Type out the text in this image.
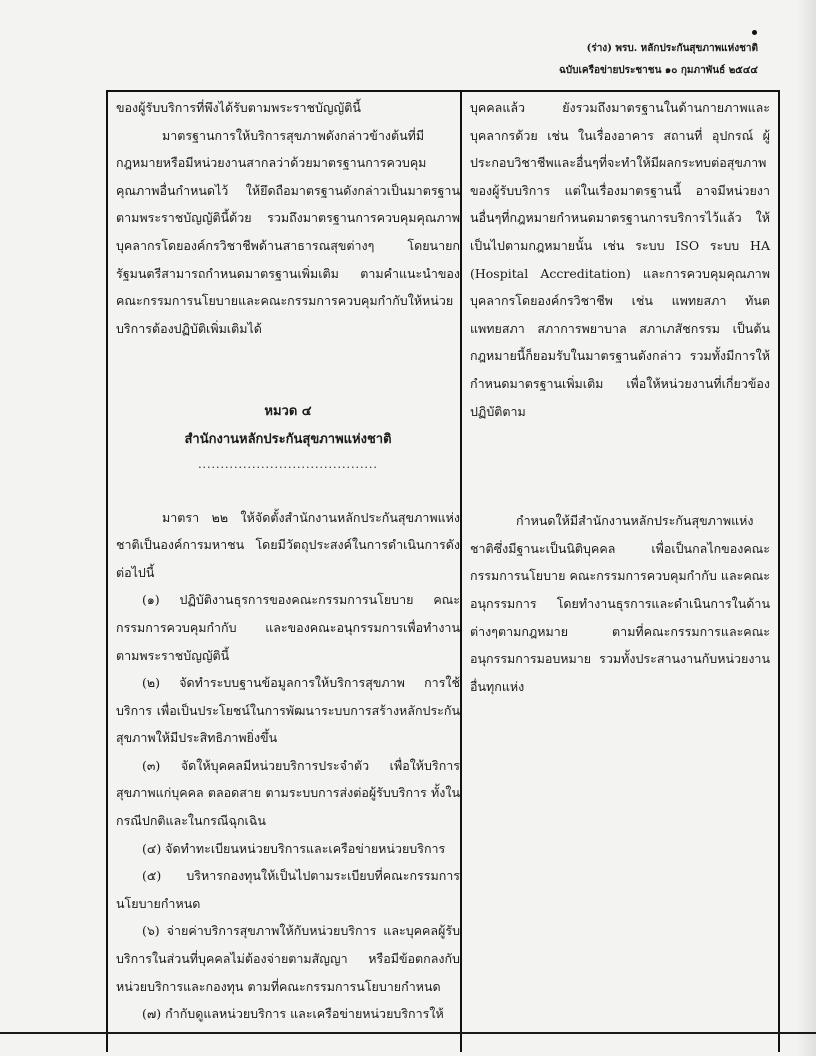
(ร่าง) พรบ. หลักประกันสุขภาพแห่งชาติ
ฉบับเครือข่ายประชาชน ๑๐ กุมภาพันธ์ ๒๕๔๔

ของผู้รับบริการที่พึงได้รับตามพระราชบัญญัตินี้

มาตรฐานการให้บริการสุขภาพดังกล่าวข้างต้นที่มีกฎหมายหรือมีหน่วยงานสากลว่าด้วยมาตรฐานการควบคุมคุณภาพอื่นกำหนดไว้ ให้ยึดถือมาตรฐานดังกล่าวเป็นมาตรฐานตามพระราชบัญญัตินี้ด้วย รวมถึงมาตรฐานการควบคุมคุณภาพบุคลากรโดยองค์กรวิชาชีพด้านสาธารณสุขต่างๆ โดยนายกรัฐมนตรีสามารถกำหนดมาตรฐานเพิ่มเติม ตามคำแนะนำของคณะกรรมการนโยบายและคณะกรรมการควบคุมกำกับให้หน่วยบริการต้องปฏิบัติเพิ่มเติมได้

หมวด ๔

สำนักงานหลักประกันสุขภาพแห่งชาติ

........................................

มาตรา ๒๒ ให้จัดตั้งสำนักงานหลักประกันสุขภาพแห่งชาติเป็นองค์การมหาชน โดยมีวัตถุประสงค์ในการดำเนินการดังต่อไปนี้

(๑) ปฏิบัติงานธุรการของคณะกรรมการนโยบาย คณะกรรมการควบคุมกำกับ และของคณะอนุกรรมการเพื่อทำงานตามพระราชบัญญัตินี้

(๒) จัดทำระบบฐานข้อมูลการให้บริการสุขภาพ การใช้บริการ เพื่อเป็นประโยชน์ในการพัฒนาระบบการสร้างหลักประกันสุขภาพให้มีประสิทธิภาพยิ่งขึ้น

(๓) จัดให้บุคคลมีหน่วยบริการประจำตัว เพื่อให้บริการสุขภาพแก่บุคคล ตลอดสาย ตามระบบการส่งต่อผู้รับบริการ ทั้งในกรณีปกติและในกรณีฉุกเฉิน

(๔) จัดทำทะเบียนหน่วยบริการและเครือข่ายหน่วยบริการ

(๕) บริหารกองทุนให้เป็นไปตามระเบียบที่คณะกรรมการนโยบายกำหนด

(๖) จ่ายค่าบริการสุขภาพให้กับหน่วยบริการ และบุคคลผู้รับบริการในส่วนที่บุคคลไม่ต้องจ่ายตามสัญญา หรือมีข้อตกลงกับหน่วยบริการและกองทุน ตามที่คณะกรรมการนโยบายกำหนด

(๗) กำกับดูแลหน่วยบริการ และเครือข่ายหน่วยบริการให้

บุคคลแล้ว ยังรวมถึงมาตรฐานในด้านกายภาพและบุคลากรด้วย เช่น ในเรื่องอาคาร สถานที่ อุปกรณ์ ผู้ประกอบวิชาชีพและอื่นๆที่จะทำให้มีผลกระทบต่อสุขภาพของผู้รับบริการ แต่ในเรื่องมาตรฐานนี้ อาจมีหน่วยงานอื่นๆที่กฎหมายกำหนดมาตรฐานการบริการไว้แล้ว ให้เป็นไปตามกฎหมายนั้น เช่น ระบบ ISO ระบบ HA (Hospital Accreditation) และการควบคุมคุณภาพบุคลากรโดยองค์กรวิชาชีพ เช่น แพทยสภา ทันตแพทยสภา สภาการพยาบาล สภาเภสัชกรรม เป็นต้น กฎหมายนี้ก็ยอมรับในมาตรฐานดังกล่าว รวมทั้งมีการให้กำหนดมาตรฐานเพิ่มเติม เพื่อให้หน่วยงานที่เกี่ยวข้องปฏิบัติตาม

กำหนดให้มีสำนักงานหลักประกันสุขภาพแห่งชาติซึ่งมีฐานะเป็นนิติบุคคล เพื่อเป็นกลไกของคณะกรรมการนโยบาย คณะกรรมการควบคุมกำกับ และคณะอนุกรรมการ โดยทำงานธุรการและดำเนินการในด้านต่างๆตามกฎหมาย ตามที่คณะกรรมการและคณะอนุกรรมการมอบหมาย รวมทั้งประสานงานกับหน่วยงานอื่นทุกแห่ง
